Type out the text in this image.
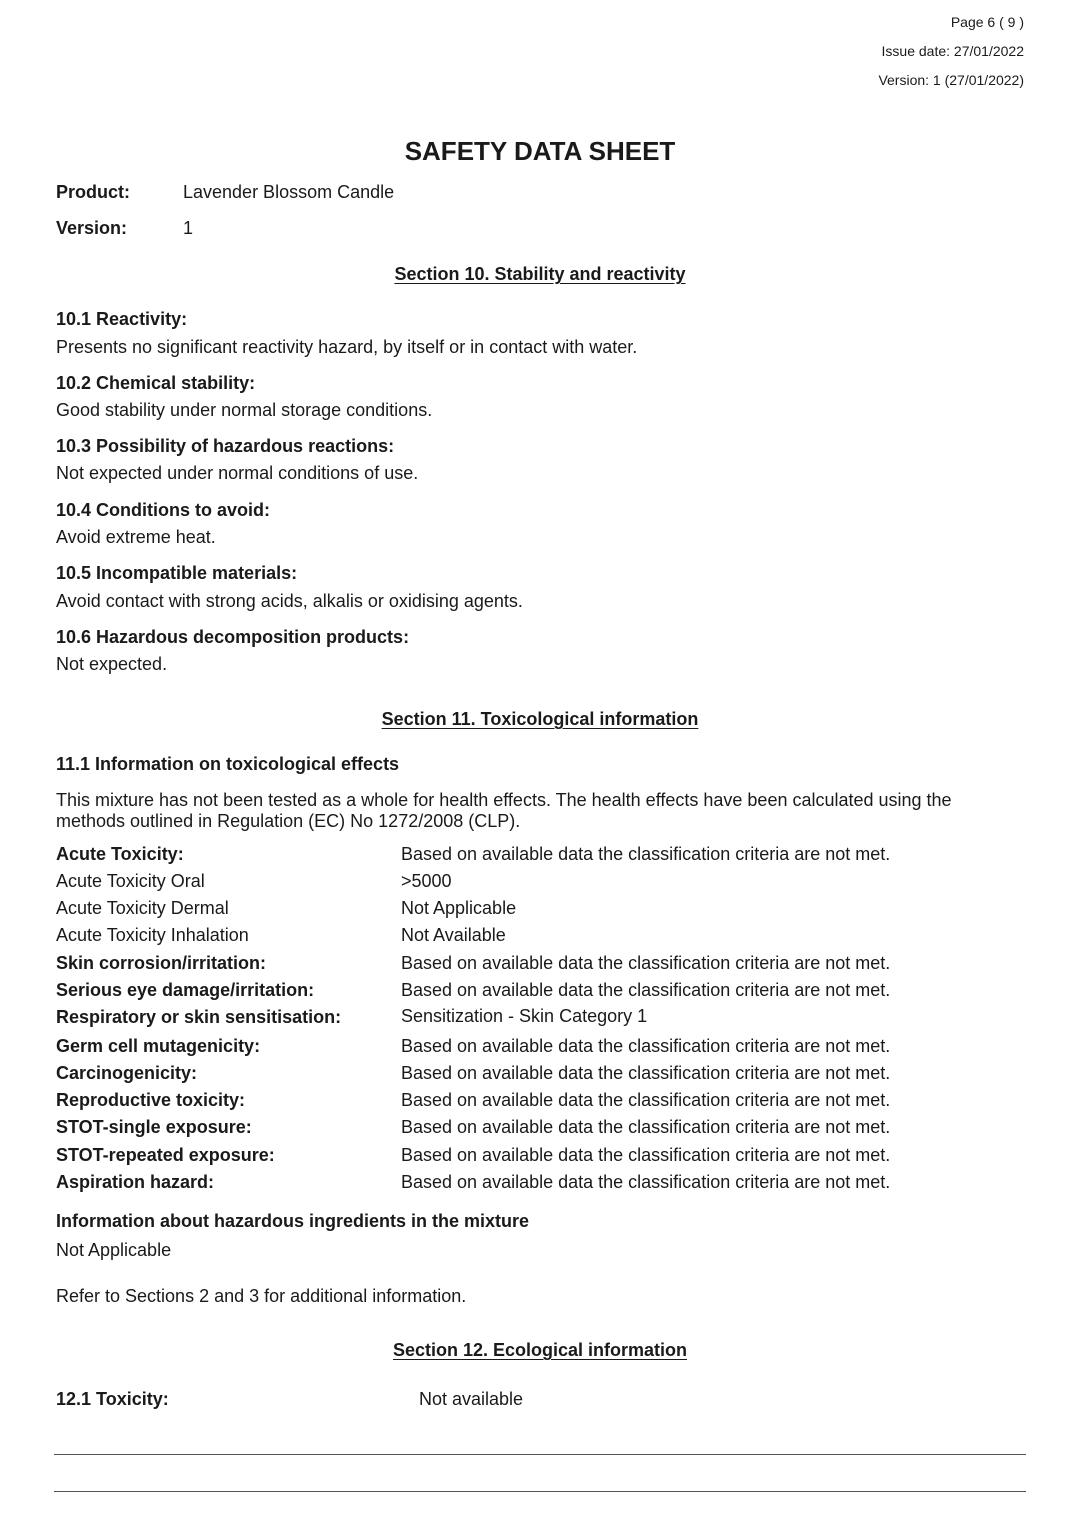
Page 6 ( 9 )
Issue date: 27/01/2022
Version: 1 (27/01/2022)
SAFETY DATA SHEET
Product:	Lavender Blossom Candle
Version:	1
Section 10. Stability and reactivity
10.1 Reactivity:
Presents no significant reactivity hazard, by itself or in contact with water.
10.2 Chemical stability:
Good stability under normal storage conditions.
10.3 Possibility of hazardous reactions:
Not expected under normal conditions of use.
10.4 Conditions to avoid:
Avoid extreme heat.
10.5 Incompatible materials:
Avoid contact with strong acids, alkalis or oxidising agents.
10.6 Hazardous decomposition products:
Not expected.
Section 11. Toxicological information
11.1 Information on toxicological effects
This mixture has not been tested as a whole for health effects. The health effects have been calculated using the methods outlined in Regulation (EC) No 1272/2008 (CLP).
Acute Toxicity:	Based on available data the classification criteria are not met.
Acute Toxicity Oral	>5000
Acute Toxicity Dermal	Not Applicable
Acute Toxicity Inhalation	Not Available
Skin corrosion/irritation:	Based on available data the classification criteria are not met.
Serious eye damage/irritation:	Based on available data the classification criteria are not met.
Respiratory or skin sensitisation:	Sensitization - Skin Category 1
Germ cell mutagenicity:	Based on available data the classification criteria are not met.
Carcinogenicity:	Based on available data the classification criteria are not met.
Reproductive toxicity:	Based on available data the classification criteria are not met.
STOT-single exposure:	Based on available data the classification criteria are not met.
STOT-repeated exposure:	Based on available data the classification criteria are not met.
Aspiration hazard:	Based on available data the classification criteria are not met.
Information about hazardous ingredients in the mixture
Not Applicable
Refer to Sections 2 and 3 for additional information.
Section 12. Ecological information
12.1 Toxicity:	Not available
